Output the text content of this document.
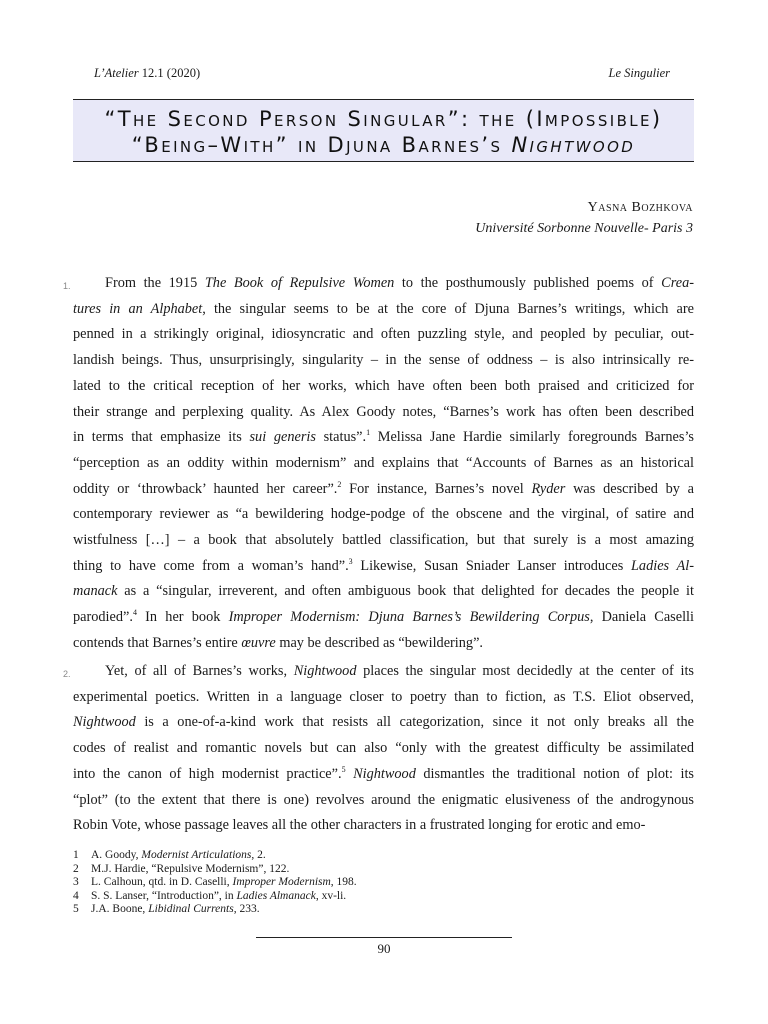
L’Atelier 12.1 (2020)	Le Singulier
“The Second Person Singular”: the (Impossible)
“Being–With” in Djuna Barnes’s Nightwood
Yasna Bozhkova
Université Sorbonne Nouvelle- Paris 3
1.	From the 1915 The Book of Repulsive Women to the posthumously published poems of Crea-
tures in an Alphabet, the singular seems to be at the core of Djuna Barnes’s writings, which are
penned in a strikingly original, idiosyncratic and often puzzling style, and peopled by peculiar, out-
landish beings. Thus, unsurprisingly, singularity – in the sense of oddness – is also intrinsically re-
lated to the critical reception of her works, which have often been both praised and criticized for
their strange and perplexing quality. As Alex Goody notes, “Barnes’s work has often been described
in terms that emphasize its sui generis status”.$^1$ Melissa Jane Hardie similarly foregrounds Barnes’s
“perception as an oddity within modernism” and explains that “Accounts of Barnes as an historical
oddity or ‘throwback’ haunted her career”.$^2$ For instance, Barnes’s novel Ryder was described by a
contemporary reviewer as “a bewildering hodge-podge of the obscene and the virginal, of satire and
wistfulness […] – a book that absolutely battled classification, but that surely is a most amazing
thing to have come from a woman’s hand”.$^3$ Likewise, Susan Sniader Lanser introduces Ladies Al-
manack as a “singular, irreverent, and often ambiguous book that delighted for decades the people it
parodied”.$^4$ In her book Improper Modernism: Djuna Barnes’s Bewildering Corpus, Daniela Caselli
contends that Barnes’s entire œuvre may be described as “bewildering”.
2.	Yet, of all of Barnes’s works, Nightwood places the singular most decidedly at the center of its
experimental poetics. Written in a language closer to poetry than to fiction, as T.S. Eliot observed,
Nightwood is a one-of-a-kind work that resists all categorization, since it not only breaks all the
codes of realist and romantic novels but can also “only with the greatest difficulty be assimilated
into the canon of high modernist practice”.$^5$ Nightwood dismantles the traditional notion of plot: its
“plot” (to the extent that there is one) revolves around the enigmatic elusiveness of the androgynous
Robin Vote, whose passage leaves all the other characters in a frustrated longing for erotic and emo-
1	A. Goody, Modernist Articulations, 2.
2	M.J. Hardie, “Repulsive Modernism”, 122.
3	L. Calhoun, qtd. in D. Caselli, Improper Modernism, 198.
4	S. S. Lanser, “Introduction”, in Ladies Almanack, xv-li.
5	J.A. Boone, Libidinal Currents, 233.
90
